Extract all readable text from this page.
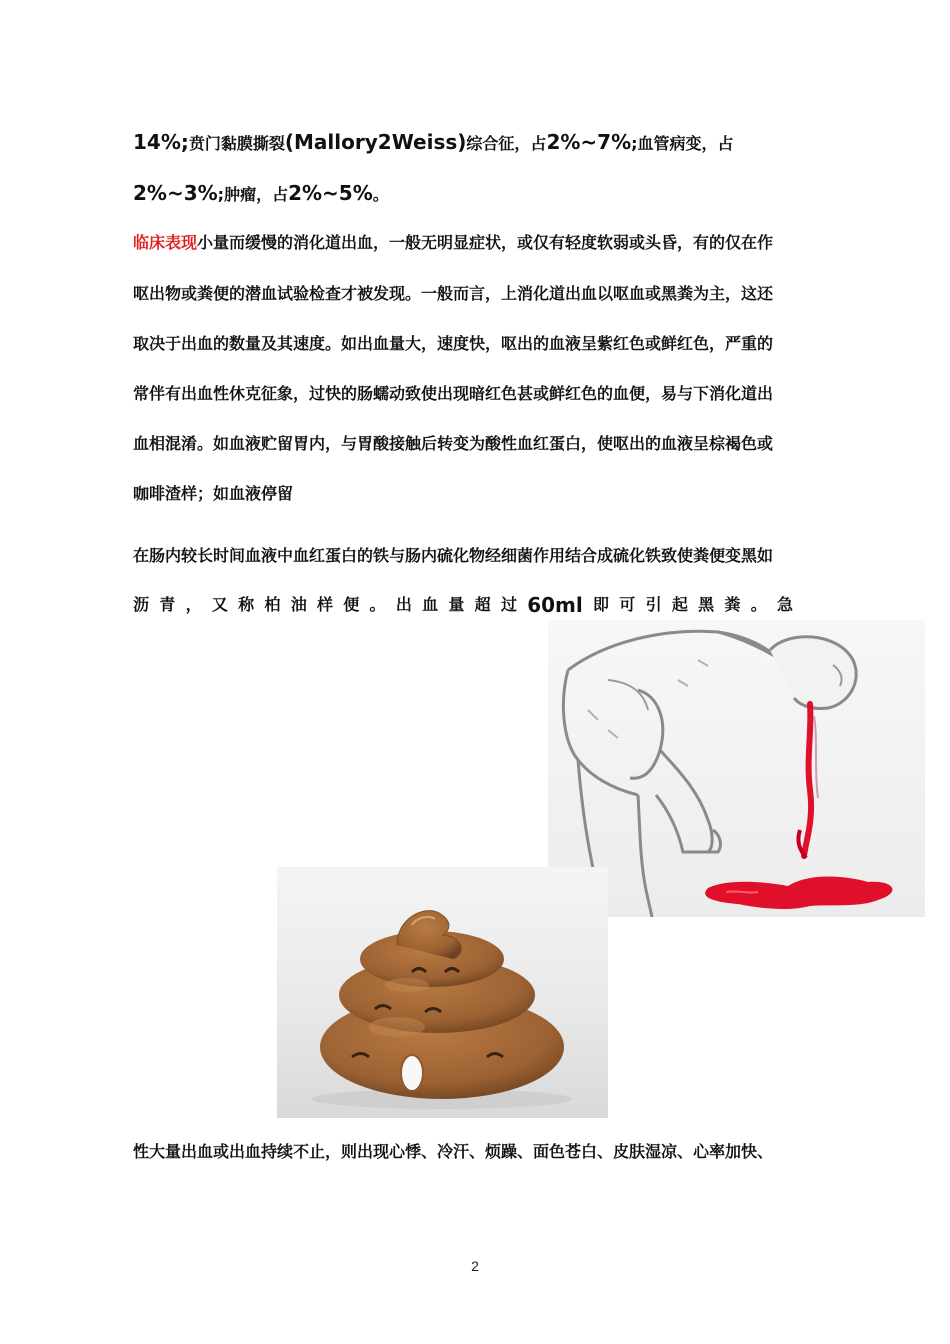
14%;贲门黏膜撕裂(Mallory2Weiss)综合征，占2%~7%;血管病变，占
2%~3%;肿瘤，占2%~5%。
临床表现小量而缓慢的消化道出血，一般无明显症状，或仅有轻度软弱或头昏，有的仅在作
呕出物或粪便的潜血试验检查才被发现。一般而言，上消化道出血以呕血或黑粪为主，这还
取决于出血的数量及其速度。如出血量大，速度快，呕出的血液呈紫红色或鲜红色，严重的
常伴有出血性休克征象，过快的肠蠕动致使出现暗红色甚或鲜红色的血便，易与下消化道出
血相混淆。如血液贮留胃内，与胃酸接触后转变为酸性血红蛋白，使呕出的血液呈棕褐色或
咖啡渣样；如血液停留
在肠内较长时间血液中血红蛋白的铁与肠内硫化物经细菌作用结合成硫化铁致使粪便变黑如
沥 青 ， 又 称 柏 油 样 便 。 出 血 量 超 过 60ml 即 可 引 起 黑 粪 。 急
性大量出血或出血持续不止，则出现心悸、冷汗、烦躁、面色苍白、皮肤湿凉、心率加快、
2
